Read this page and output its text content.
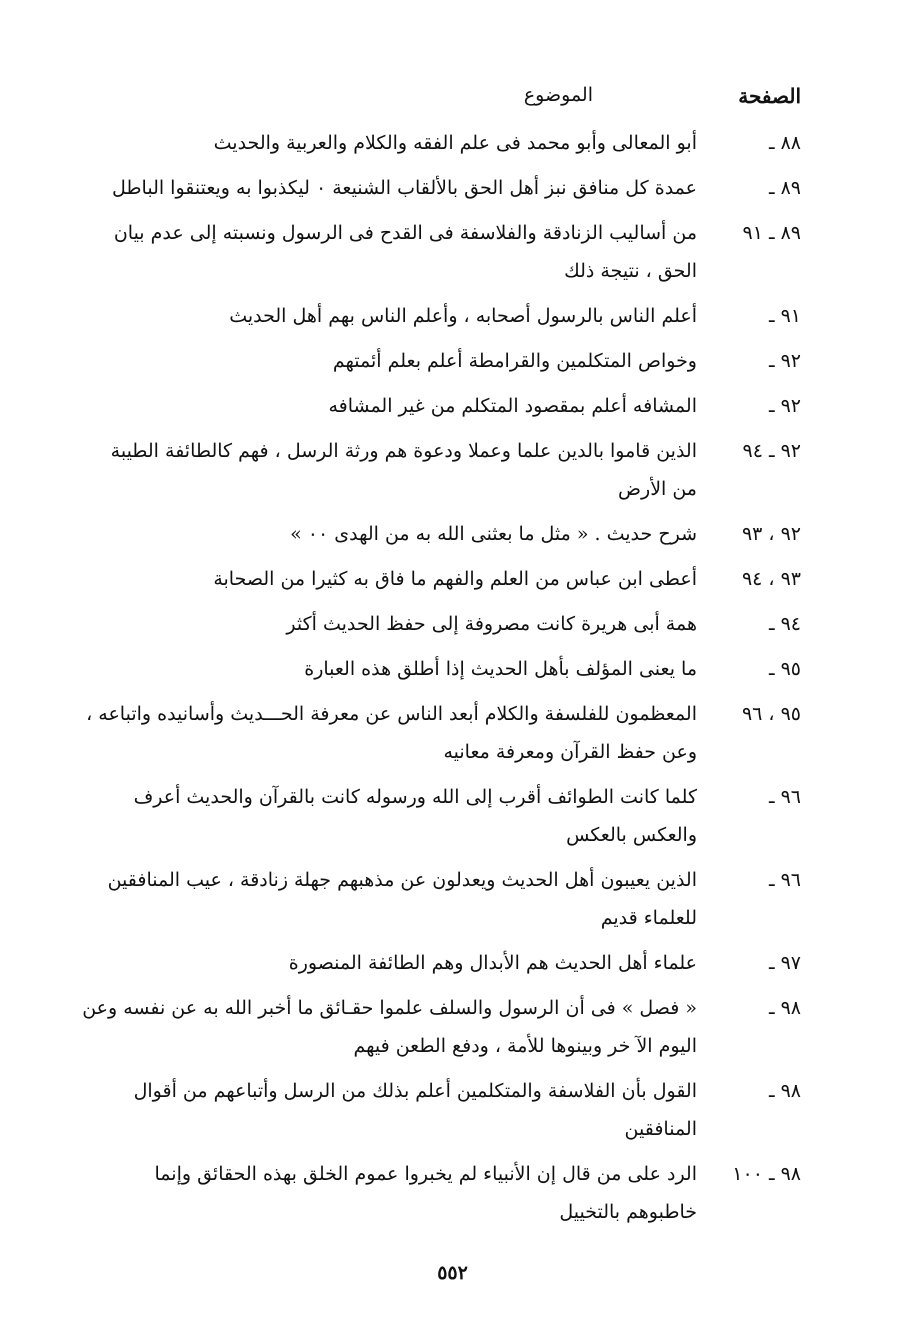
الصفحة
الموضوع
٨٨ ـ
أبو المعالى وأبو محمد فى علم الفقه والكلام والعربية والحديث
٨٩ ـ
عمدة كل منافق نبز أهل الحق بالألقاب الشنيعة ٠ ليكذبوا به ويعتنقوا الباطل
٨٩ ـ ٩١
من أساليب الزنادقة والفلاسفة فى القدح فى الرسول ونسبته إلى عدم بيان الحق ، نتيجة ذلك
٩١ ـ
أعلم الناس بالرسول أصحابه ، وأعلم الناس بهم أهل الحديث
٩٢ ـ
وخواص المتكلمين والقرامطة أعلم بعلم أئمتهم
٩٢ ـ
المشافه أعلم بمقصود المتكلم من غير المشافه
٩٢ ـ ٩٤
الذين قاموا بالدين علما وعملا ودعوة هم ورثة الرسل ، فهم كالطائفة الطيبة من الأرض
٩٢ ، ٩٣
شرح حديث . « مثل ما بعثنى الله به من الهدى ٠٠ »
٩٣ ، ٩٤
أعطى ابن عباس من العلم والفهم ما فاق به كثيرا من الصحابة
٩٤ ـ
همة أبى هريرة كانت مصروفة إلى حفظ الحديث أكثر
٩٥ ـ
ما يعنى المؤلف بأهل الحديث إذا أطلق هذه العبارة
٩٥ ، ٩٦
المعظمون للفلسفة والكلام أبعد الناس عن معرفة الحـــديث وأسانيده واتباعه ، وعن حفظ القرآن ومعرفة معانيه
٩٦ ـ
كلما كانت الطوائف أقرب إلى الله ورسوله كانت بالقرآن والحديث أعرف والعكس بالعكس
٩٦ ـ
الذين يعيبون أهل الحديث ويعدلون عن مذهبهم جهلة زنادقة ، عيب المنافقين للعلماء قديم
٩٧ ـ
علماء أهل الحديث هم الأبدال وهم الطائفة المنصورة
٩٨ ـ
« فصل » فى أن الرسول والسلف علموا حقـائق ما أخبر الله به عن نفسه وعن اليوم الآ خر وبينوها للأمة ، ودفع الطعن فيهم
٩٨ ـ
القول بأن الفلاسفة والمتكلمين أعلم بذلك من الرسل وأتباعهم من أقوال المنافقين
٩٨ ـ ١٠٠
الرد على من قال إن الأنبياء لم يخبروا عموم الخلق بهذه الحقائق وإنما خاطبوهم بالتخييل
٥٥٢
